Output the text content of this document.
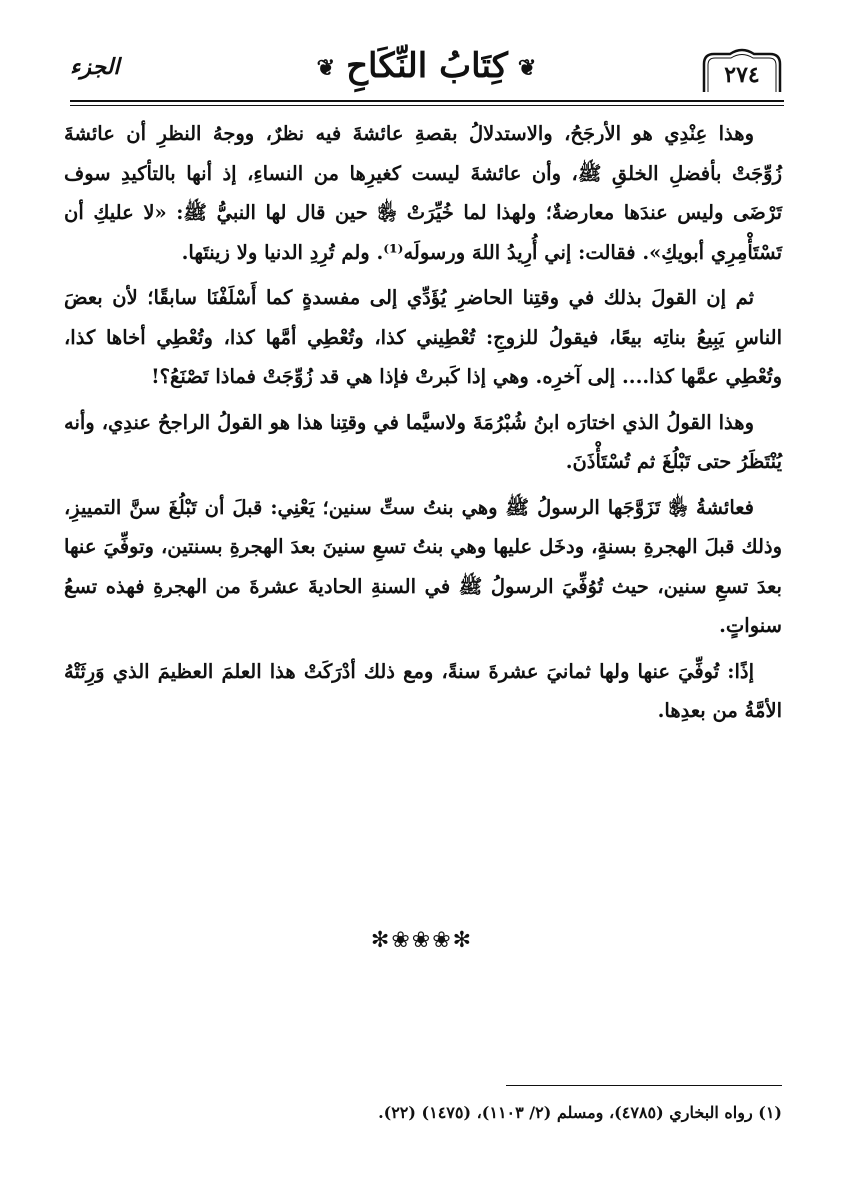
٢٧٤
❦كِتَابُ النِّكَاحِ❦
الجزء

وهذا عِنْدِي هو الأرجَحُ، والاستدلالُ بقصةِ عائشةَ فيه نظرٌ، ووجهُ النظرِ أن عائشةَ زُوِّجَتْ بأفضلِ الخلقِ ﷺ، وأن عائشةَ ليست كغيرِها من النساءِ، إذ أنها بالتأكيدِ سوف تَرْضَى وليس عندَها معارضةٌ؛ ولهذا لما خُيِّرَتْ ﵂ حين قال لها النبيُّ ﷺ: «لا عليكِ أن تَسْتَأْمِرِي أبويكِ». فقالت: إني أُرِيدُ اللهَ ورسولَه⁽¹⁾. ولم تُرِدِ الدنيا ولا زينتَها.

ثم إن القولَ بذلك في وقتِنا الحاضرِ يُؤَدِّي إلى مفسدةٍ كما أَسْلَفْنَا سابقًا؛ لأن بعضَ الناسِ يَبِيعُ بناتِه بيعًا، فيقولُ للزوجِ: تُعْطِيني كذا، وتُعْطِي أمَّها كذا، وتُعْطِي أخاها كذا، وتُعْطِي عمَّها كذا.... إلى آخرِه. وهي إذا كَبرتْ فإذا هي قد زُوِّجَتْ فماذا تَصْنَعُ؟!

وهذا القولُ الذي اختارَه ابنُ شُبْرُمَةَ ولاسيَّما في وقتِنا هذا هو القولُ الراجحُ عندِي، وأنه يُنْتَظَرُ حتى تَبْلُغَ ثم تُسْتَأْذَنَ.

فعائشةُ ﵂ تَزَوَّجَها الرسولُ ﷺ وهي بنتُ ستِّ سنين؛ يَعْنِي: قبلَ أن تَبْلُغَ سنَّ التمييزِ، وذلك قبلَ الهجرةِ بسنةٍ، ودخَل عليها وهي بنتُ تسعِ سنينَ بعدَ الهجرةِ بسنتين، وتوفِّيَ عنها بعدَ تسعِ سنين، حيث تُوُفِّيَ الرسولُ ﷺ في السنةِ الحاديةَ عشرةَ من الهجرةِ فهذه تسعُ سنواتٍ.

إذًا: تُوفِّيَ عنها ولها ثمانيَ عشرةَ سنةً، ومع ذلك أدْرَكَتْ هذا العلمَ العظيمَ الذي وَرِثَتْهُ الأمَّةُ من بعدِها.

✻❀❀❀✻
(١) رواه البخاري (٤٧٨٥)، ومسلم (٢/ ١١٠٣)، (١٤٧٥) (٢٢).
